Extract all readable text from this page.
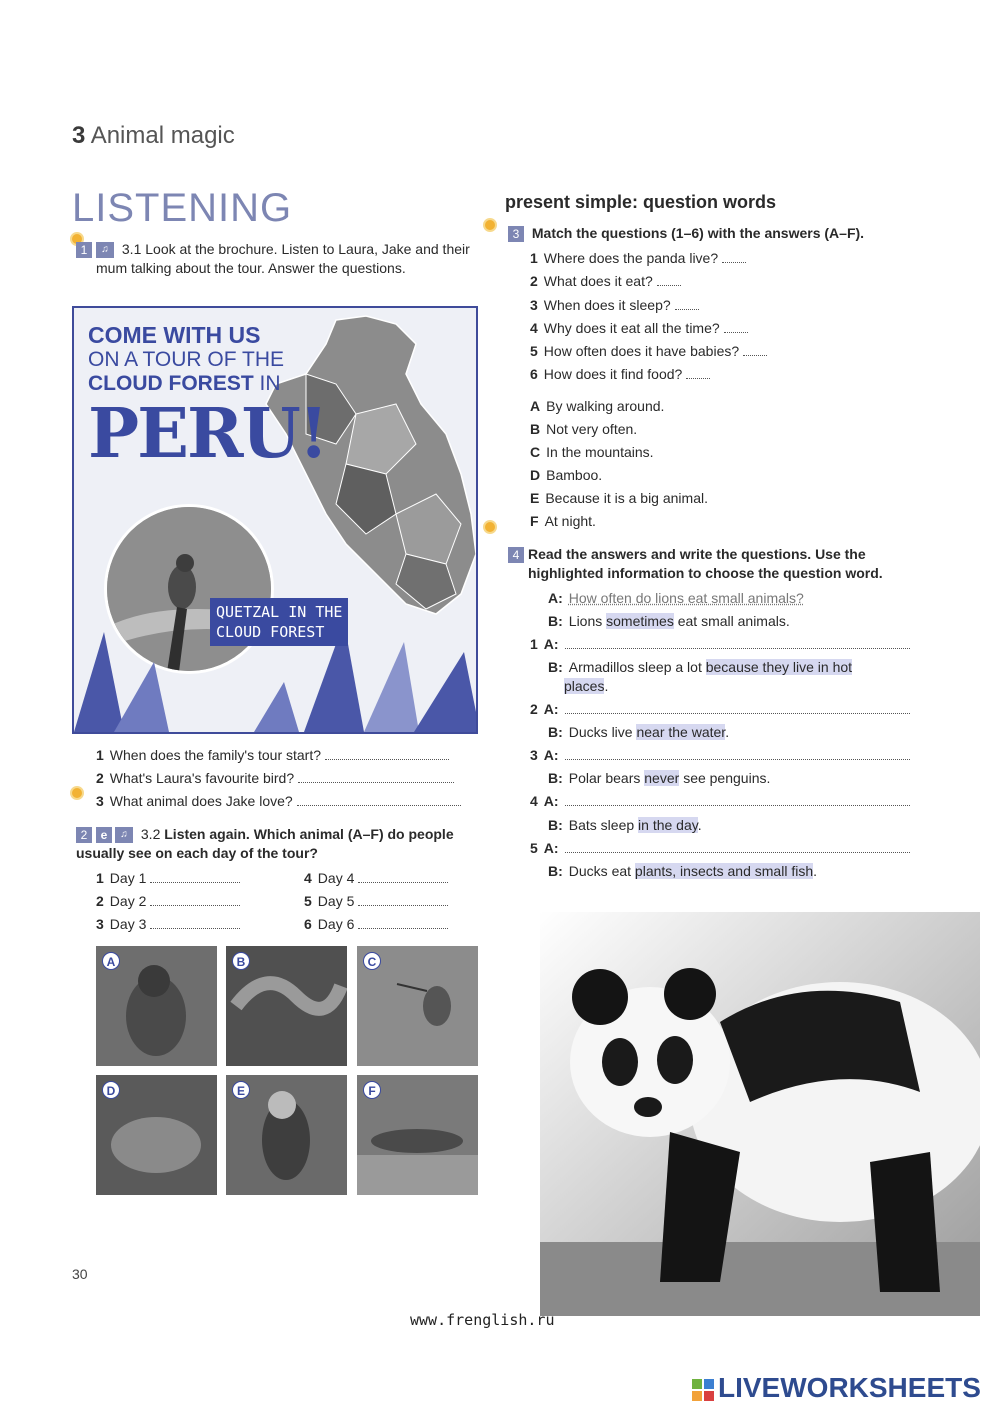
3 Animal magic
LISTENING
1	♫ 3.1 Look at the brochure. Listen to Laura, Jake and their mum talking about the tour. Answer the questions.
COME WITH US
ON A TOUR OF THE
CLOUD FOREST IN
PERU!
QUETZAL IN THE
CLOUD FOREST
1 When does the family's tour start?
2 What's Laura's favourite bird?
3 What animal does Jake love?
2 e ♫ 3.2 Listen again. Which animal (A–F) do people usually see on each day of the tour?
1 Day 1
2 Day 2
3 Day 3
4 Day 4
5 Day 5
6 Day 6
A	B	C
D	E	F
present simple: question words
3 Match the questions (1–6) with the answers (A–F).
1 Where does the panda live?
2 What does it eat?
3 When does it sleep?
4 Why does it eat all the time?
5 How often does it have babies?
6 How does it find food?
A By walking around.
B Not very often.
C In the mountains.
D Bamboo.
E Because it is a big animal.
F At night.
4 Read the answers and write the questions. Use the highlighted information to choose the question word.
A: How often do lions eat small animals?
B: Lions sometimes eat small animals.
1 A:
B: Armadillos sleep a lot because they live in hot
places.
2 A:
B: Ducks live near the water.
3 A:
B: Polar bears never see penguins.
4 A:
B: Bats sleep in the day.
5 A:
B: Ducks eat plants, insects and small fish.
30
www.frenglish.ru
LIVEWORKSHEETS
